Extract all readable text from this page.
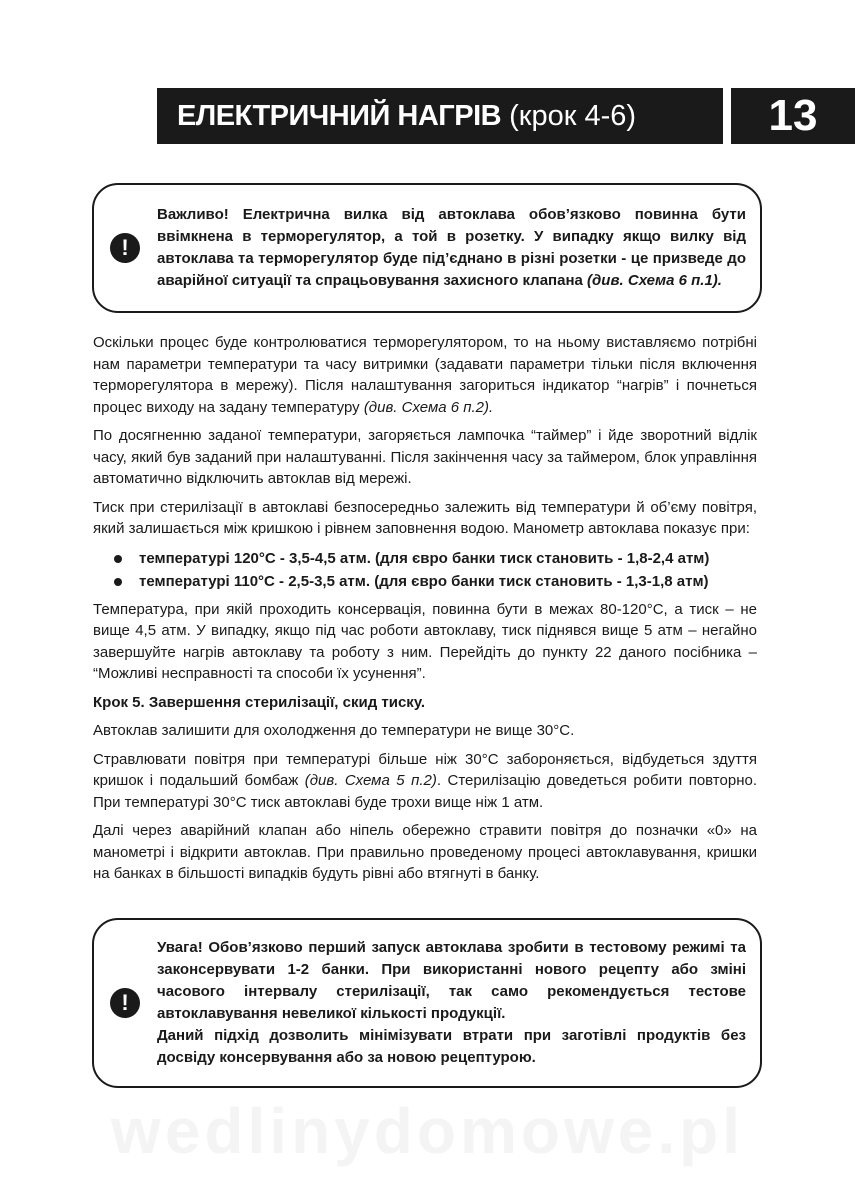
ЕЛЕКТРИЧНИЙ НАГРІВ (крок 4-6)	13
!

Важливо! Електрична вилка від автоклава обов’язково повинна бути ввімкнена в терморегулятор, а той в розетку. У випадку якщо вилку від автоклава та терморегулятор буде під’єднано в різні розетки - це призведе до аварійної ситуації та спрацьовування захисного клапана (див. Схема 6 п.1).

Оскільки процес буде контролюватися терморегулятором, то на ньому виставляємо потрібні нам параметри температури та часу витримки (задавати параметри тільки після включення терморегулятора в мережу). Після налаштування загориться індикатор “нагрів” і почнеться процес виходу на задану температуру (див. Схема 6 п.2).

По досягненню заданої температури, загоряється лампочка “таймер” і йде зворотний відлік часу, який був заданий при налаштуванні. Після закінчення часу за таймером, блок управління автоматично відключить автоклав від мережі.

Тиск при стерилізації в автоклаві безпосередньо залежить від температури й об’єму повітря, який залишається між кришкою і рівнем заповнення водою. Манометр автоклава показує при:

температурі 120°С - 3,5-4,5 атм. (для євро банки тиск становить - 1,8-2,4 атм)
температурі 110°С - 2,5-3,5 атм. (для євро банки тиск становить - 1,3-1,8 атм)

Температура, при якій проходить консервація, повинна бути в межах 80-120°С, а тиск – не вище 4,5 атм. У випадку, якщо під час роботи автоклаву, тиск піднявся вище 5 атм – негайно завершуйте нагрів автоклаву та роботу з ним. Перейдіть до пункту 22 даного посібника – “Можливі несправності та способи їх усунення”.

Крок 5. Завершення стерилізації, скид тиску.

Автоклав залишити для охолодження до температури не вище 30°С.

Стравлювати повітря при температурі більше ніж 30°С забороняється, відбудеться здуття кришок і подальший бомбаж (див. Схема 5 п.2). Стерилізацію доведеться робити повторно. При температурі 30°С тиск автоклаві буде трохи вище ніж 1 атм.

Далі через аварійний клапан або ніпель обережно стравити повітря до позначки «0» на манометрі і відкрити автоклав. При правильно проведеному процесі автоклавування, кришки на банках в більшості випадків будуть рівні або втягнуті в банку.

!

Увага! Обов’язково перший запуск автоклава зробити в тестовому режимі та законсервувати 1-2 банки. При використанні нового рецепту або зміні часового інтервалу стерилізації, так само рекомендується тестове автоклавування невеликої кількості продукції.

Даний підхід дозволить мінімізувати втрати при заготівлі продуктів без досвіду консервування або за новою рецептурою.

wedlinydomowe.pl
